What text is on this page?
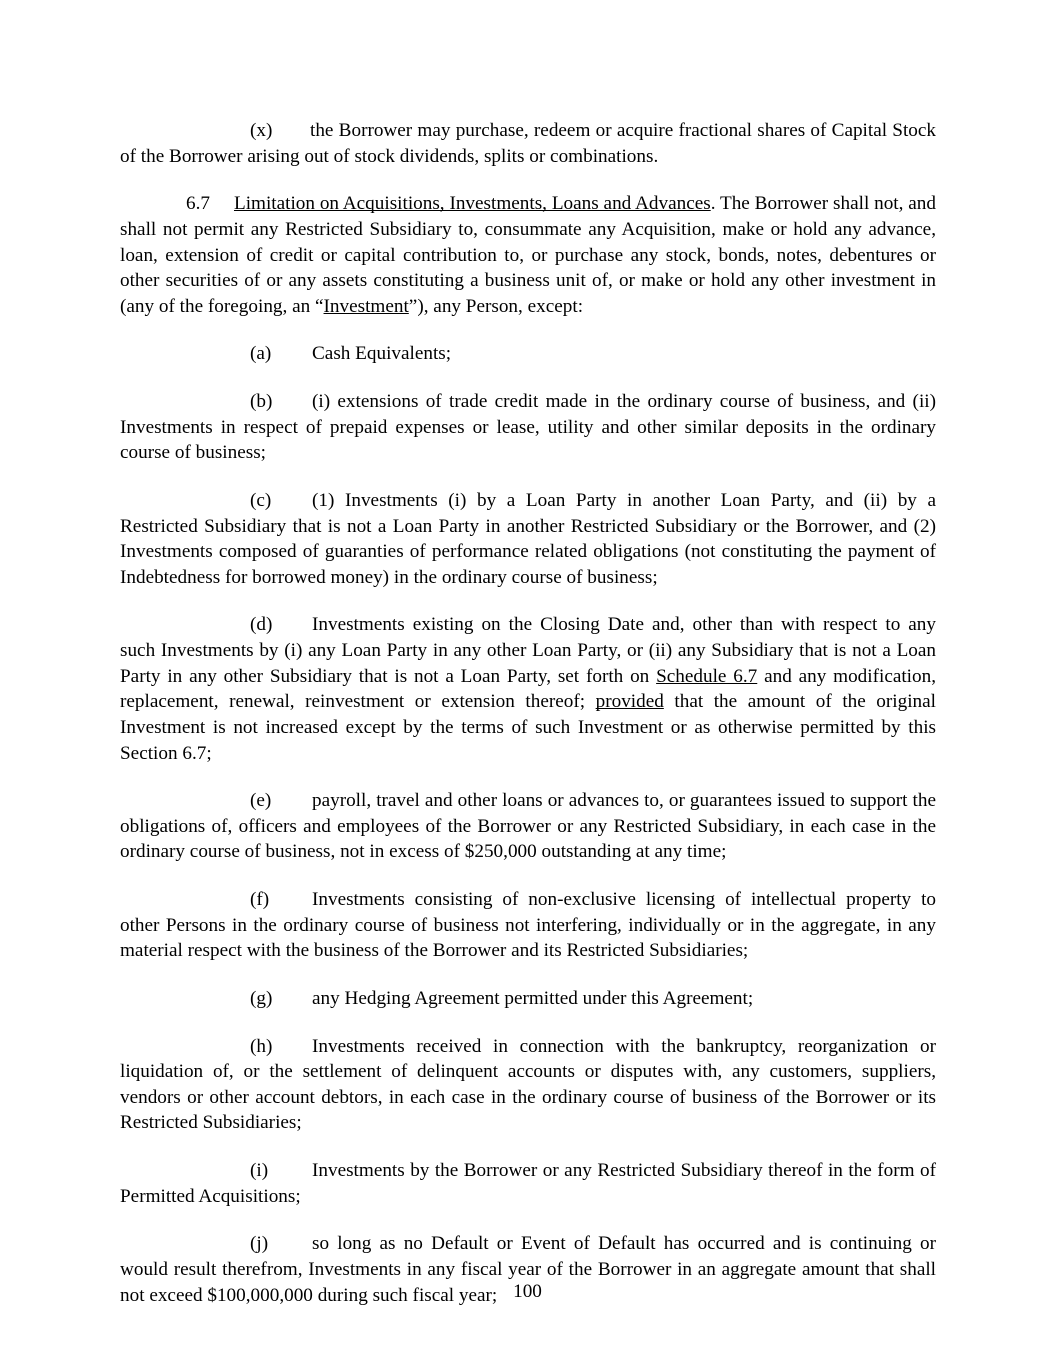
(x) the Borrower may purchase, redeem or acquire fractional shares of Capital Stock of the Borrower arising out of stock dividends, splits or combinations.

6.7 Limitation on Acquisitions, Investments, Loans and Advances. The Borrower shall not, and shall not permit any Restricted Subsidiary to, consummate any Acquisition, make or hold any advance, loan, extension of credit or capital contribution to, or purchase any stock, bonds, notes, debentures or other securities of or any assets constituting a business unit of, or make or hold any other investment in (any of the foregoing, an “Investment”), any Person, except:

(a) Cash Equivalents;

(b) (i) extensions of trade credit made in the ordinary course of business, and (ii) Investments in respect of prepaid expenses or lease, utility and other similar deposits in the ordinary course of business;

(c) (1) Investments (i) by a Loan Party in another Loan Party, and (ii) by a Restricted Subsidiary that is not a Loan Party in another Restricted Subsidiary or the Borrower, and (2) Investments composed of guaranties of performance related obligations (not constituting the payment of Indebtedness for borrowed money) in the ordinary course of business;

(d) Investments existing on the Closing Date and, other than with respect to any such Investments by (i) any Loan Party in any other Loan Party, or (ii) any Subsidiary that is not a Loan Party in any other Subsidiary that is not a Loan Party, set forth on Schedule 6.7 and any modification, replacement, renewal, reinvestment or extension thereof; provided that the amount of the original Investment is not increased except by the terms of such Investment or as otherwise permitted by this Section 6.7;

(e) payroll, travel and other loans or advances to, or guarantees issued to support the obligations of, officers and employees of the Borrower or any Restricted Subsidiary, in each case in the ordinary course of business, not in excess of $250,000 outstanding at any time;

(f) Investments consisting of non-exclusive licensing of intellectual property to other Persons in the ordinary course of business not interfering, individually or in the aggregate, in any material respect with the business of the Borrower and its Restricted Subsidiaries;

(g) any Hedging Agreement permitted under this Agreement;

(h) Investments received in connection with the bankruptcy, reorganization or liquidation of, or the settlement of delinquent accounts or disputes with, any customers, suppliers, vendors or other account debtors, in each case in the ordinary course of business of the Borrower or its Restricted Subsidiaries;

(i) Investments by the Borrower or any Restricted Subsidiary thereof in the form of Permitted Acquisitions;

(j) so long as no Default or Event of Default has occurred and is continuing or would result therefrom, Investments in any fiscal year of the Borrower in an aggregate amount that shall not exceed $100,000,000 during such fiscal year; 100
